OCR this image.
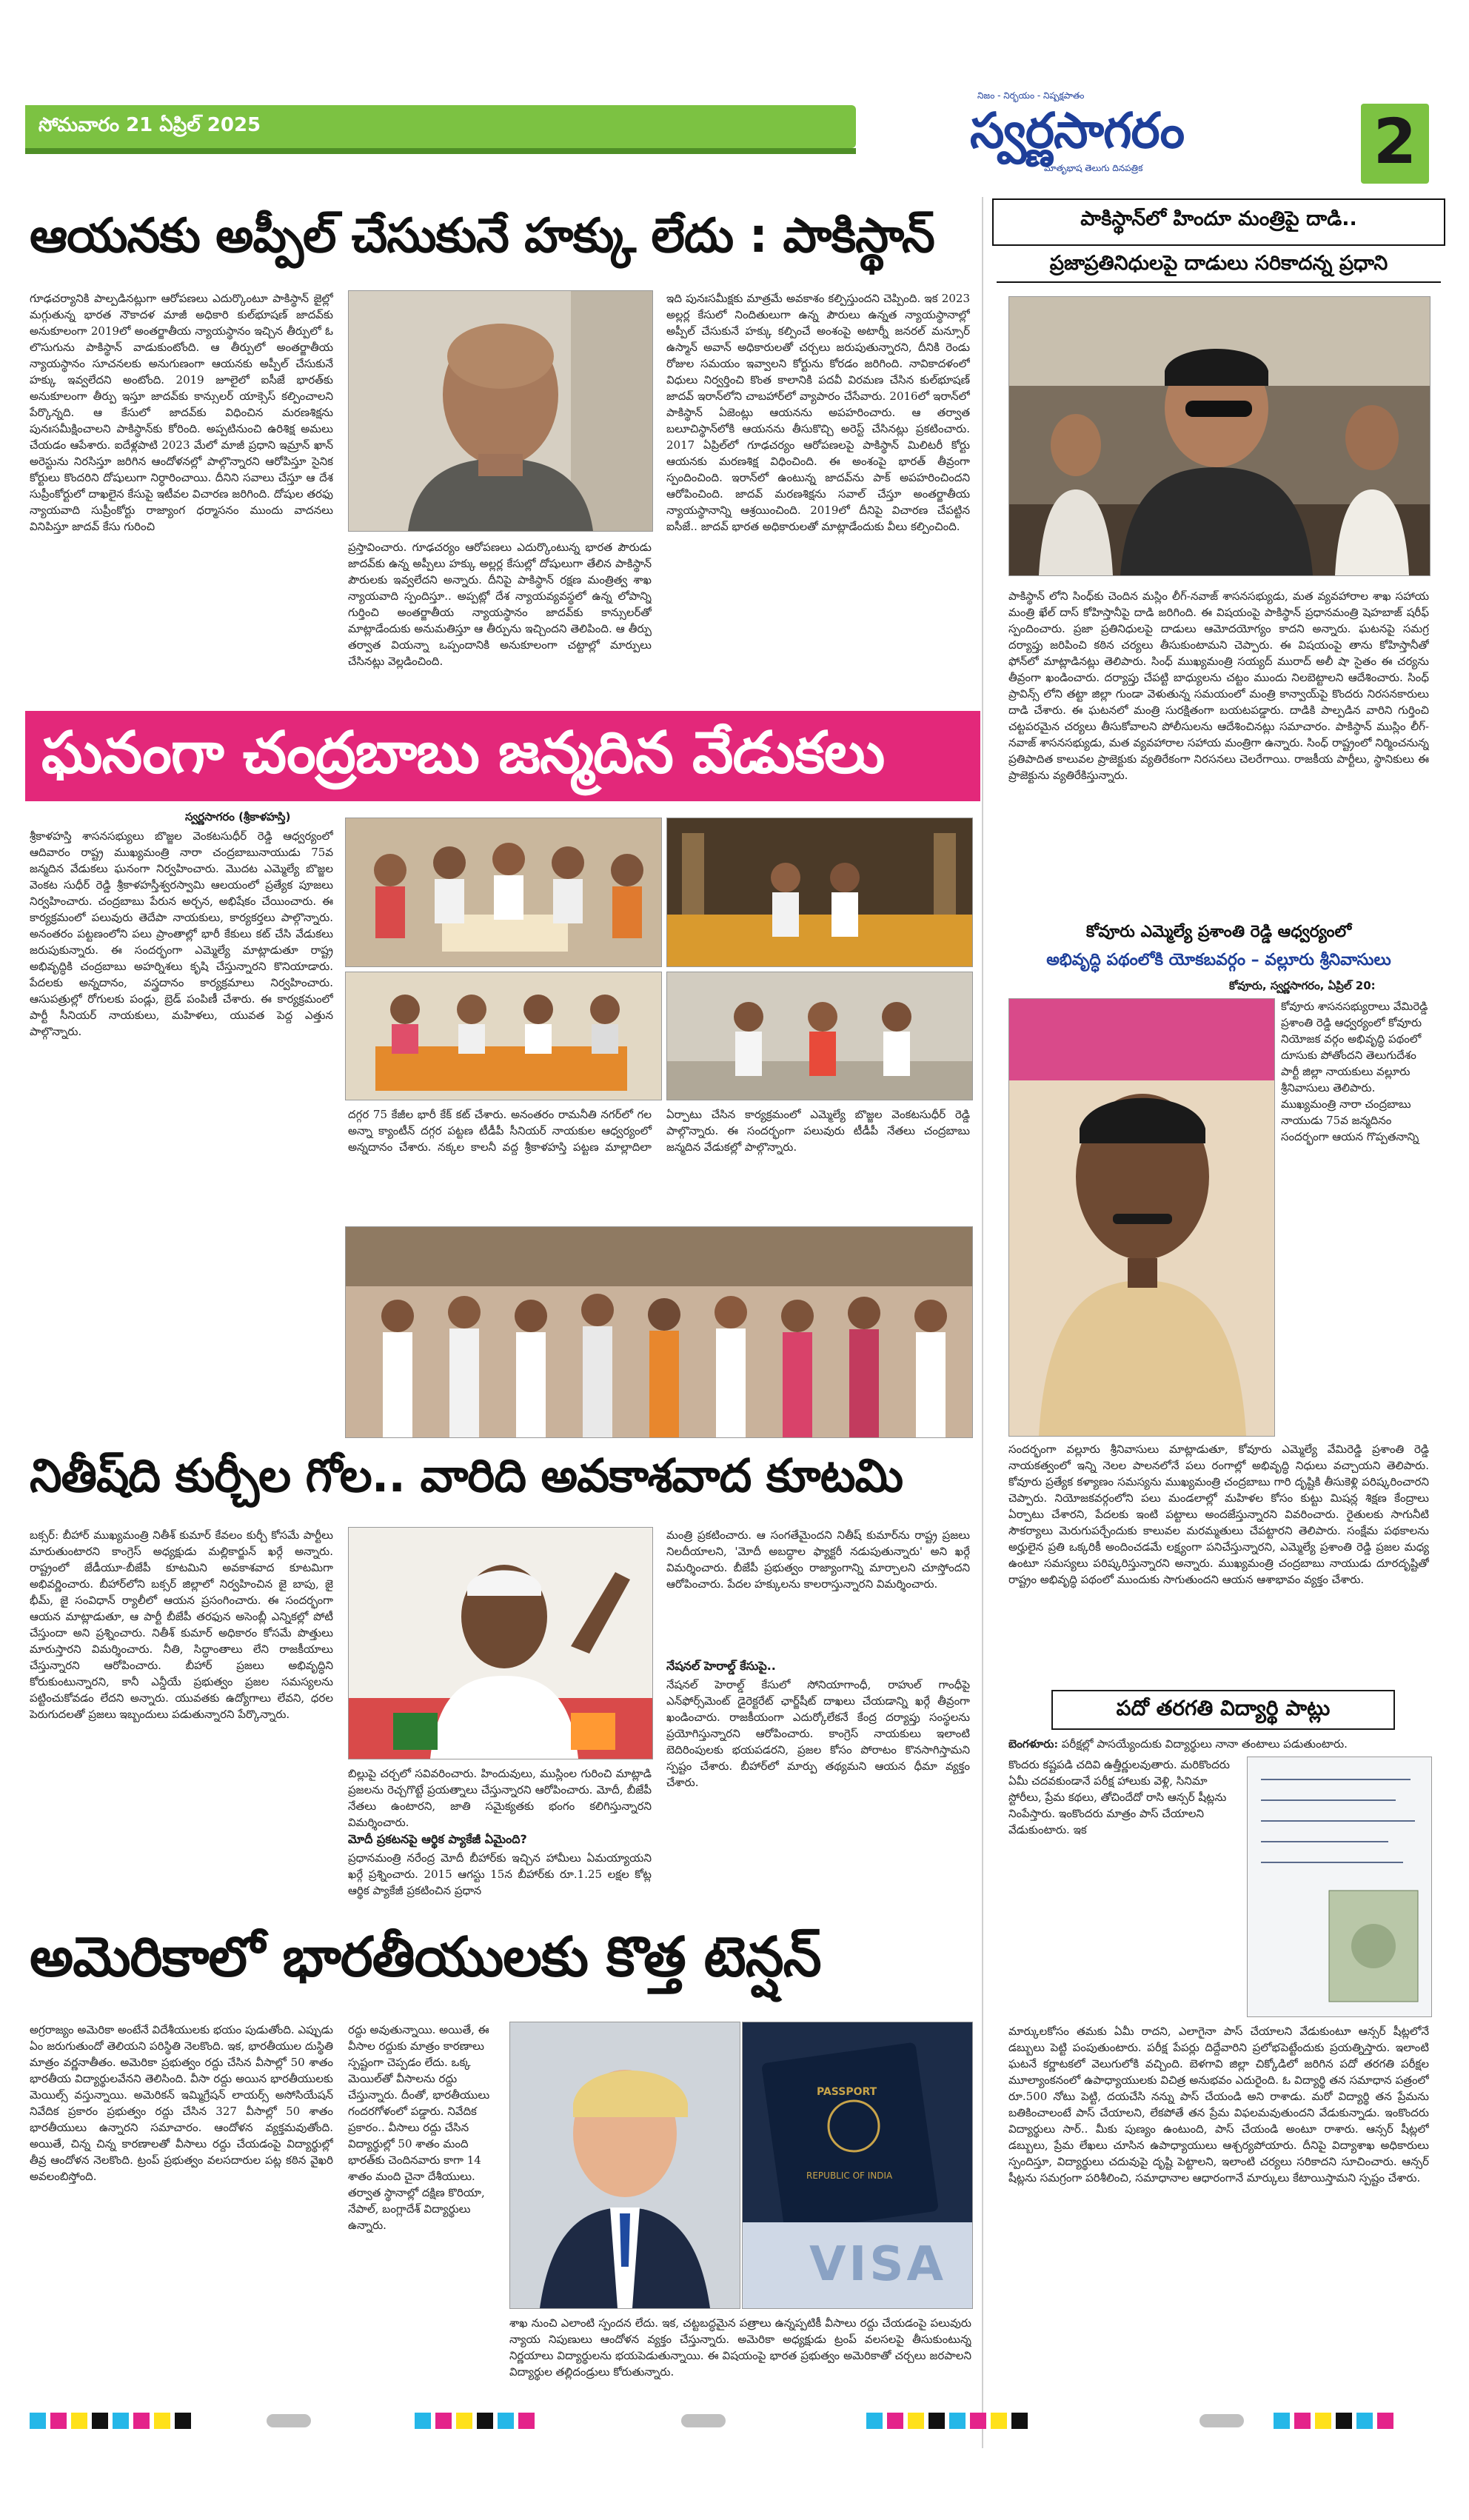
సోమవారం 21 ఏప్రిల్ 2025
నిజం - నిర్భయం - నిష్పక్షపాతం
స్వర్ణసాగరం
మాతృభాష తెలుగు దినపత్రిక	2
ఆయనకు అప్పీల్ చేసుకునే హక్కు లేదు : పాకిస్థాన్
గూఢచర్యానికి పాల్పడినట్లుగా ఆరోపణలు ఎదుర్కొంటూ పాకిస్థాన్ జైల్లో మగ్గుతున్న భారత నౌకాదళ మాజీ అధికారి కుల్‌భూషణ్ జాదవ్‌కు అనుకూలంగా 2019లో అంతర్జాతీయ న్యాయస్థానం ఇచ్చిన తీర్పులో ఓ లొసుగును పాకిస్థాన్ వాడుకుంటోంది. ఆ తీర్పులో అంతర్జాతీయ న్యాయస్థానం సూచనలకు అనుగుణంగా ఆయనకు అప్పీల్ చేసుకునే హక్కు ఇవ్వలేదని అంటోంది. 2019 జూలైలో ఐసీజే భారత్‌కు అనుకూలంగా తీర్పు ఇస్తూ జాదవ్‌కు కాన్సులర్ యాక్సెస్ కల్పించాలని పేర్కొన్నది. ఆ కేసులో జాదవ్‌కు విధించిన మరణశిక్షను పునఃసమీక్షించాలని పాకిస్థాన్‌కు కోరింది. అప్పటినుంచి ఉరిశిక్ష అమలు చేయడం ఆపేశారు. ఐదేళ్లపాటి 2023 మేలో మాజీ ప్రధాని ఇమ్రాన్ ఖాన్ అరెస్టును నిరసిస్తూ జరిగిన ఆందోళనల్లో పాల్గొన్నారని ఆరోపిస్తూ సైనిక కోర్టులు కొందరిని దోషులుగా నిర్ధారించాయి. దీనిని సవాలు చేస్తూ ఆ దేశ సుప్రీంకోర్టులో దాఖలైన కేసుపై ఇటీవల విచారణ జరిగింది. దోషుల తరఫు న్యాయవాది సుప్రీంకోర్టు రాజ్యాంగ ధర్మాసనం ముందు వాదనలు వినిపిస్తూ జాదవ్ కేసు గురించి
ప్రస్తావించారు. గూఢచర్యం ఆరోపణలు ఎదుర్కొంటున్న భారత పౌరుడు జాదవ్‌కు ఉన్న అప్పీలు హక్కు అల్లర్ల కేసుల్లో దోషులుగా తేలిన పాకిస్థాన్ పౌరులకు ఇవ్వలేదని అన్నారు. దీనిపై పాకిస్థాన్ రక్షణ మంత్రిత్వ శాఖ న్యాయవాది స్పందిస్తూ.. అప్పట్లో దేశ న్యాయవ్యవస్థలో ఉన్న లోపాన్ని గుర్తించి అంతర్జాతీయ న్యాయస్థానం జాదవ్‌కు కాన్సులర్‌తో మాట్లాడేందుకు అనుమతిస్తూ ఆ తీర్పును ఇచ్చిందని తెలిపింది. ఆ తీర్పు తర్వాత వియన్నా ఒప్పందానికి అనుకూలంగా చట్టాల్లో మార్పులు చేసినట్లు వెల్లడించింది.
ఇది పునఃసమీక్షకు మాత్రమే అవకాశం కల్పిస్తుందని చెప్పింది. ఇక 2023 అల్లర్ల కేసులో నిందితులుగా ఉన్న పౌరులు ఉన్నత న్యాయస్థానాల్లో అప్పీల్ చేసుకునే హక్కు కల్పించే అంశంపై అటార్నీ జనరల్ మన్సూర్ ఉస్మాన్ అవాన్ అధికారులతో చర్చలు జరుపుతున్నారని, దీనికి రెండు రోజుల సమయం ఇవ్వాలని కోర్టును కోరడం జరిగింది. నావికాదళంలో విధులు నిర్వర్తించి కొంత కాలానికి పదవీ విరమణ చేసిన కుల్‌భూషణ్ జాదవ్ ఇరాన్‌లోని చాబహార్‌లో వ్యాపారం చేసేవారు. 2016లో ఇరాన్‌లో పాకిస్థాన్ ఏజెంట్లు ఆయనను అపహరించారు. ఆ తర్వాత బలూచిస్థాన్‌లోకి ఆయనను తీసుకొచ్చి అరెస్ట్ చేసినట్లు ప్రకటించారు. 2017 ఏప్రిల్‌లో గూఢచర్యం ఆరోపణలపై పాకిస్థాన్ మిలిటరీ కోర్టు ఆయనకు మరణశిక్ష విధించింది. ఈ అంశంపై భారత్ తీవ్రంగా స్పందించింది. ఇరాన్‌లో ఉంటున్న జాదవ్‌ను పాక్ అపహరించిందని ఆరోపించింది. జాదవ్ మరణశిక్షను సవాల్ చేస్తూ అంతర్జాతీయ న్యాయస్థానాన్ని ఆశ్రయించింది. 2019లో దీనిపై విచారణ చేపట్టిన ఐసీజే.. జాదవ్ భారత అధికారులతో మాట్లాడేందుకు వీలు కల్పించింది.
పాకిస్థాన్‌లో హిందూ మంత్రిపై దాడి..
ప్రజాప్రతినిధులపై దాడులు సరికాదన్న ప్రధాని
పాకిస్థాన్ లోని సింధ్‌కు చెందిన మస్లిం లీగ్-నవాజ్ శాసనసభ్యుడు, మత వ్యవహారాల శాఖ సహాయ మంత్రి ఖేల్ దాస్ కోహిస్తానీపై దాడి జరిగింది. ఈ విషయంపై పాకిస్థాన్ ప్రధానమంత్రి షెహబాజ్ షరీఫ్ స్పందించారు. ప్రజా ప్రతినిధులపై దాడులు ఆమోదయోగ్యం కాదని అన్నారు. ఘటనపై సమగ్ర దర్యాప్తు జరిపించి కఠిన చర్యలు తీసుకుంటామని చెప్పారు. ఈ విషయంపై తాను కోహిస్తానీతో ఫోన్‌లో మాట్లాడినట్లు తెలిపారు. సింధ్ ముఖ్యమంత్రి సయ్యద్ మురాద్ అలీ షా సైతం ఈ చర్యను తీవ్రంగా ఖండించారు. దర్యాప్తు చేపట్టి బాధ్యులను చట్టం ముందు నిలబెట్టాలని ఆదేశించారు. సింధ్ ప్రావిన్స్ లోని తట్టా జిల్లా గుండా వెళుతున్న సమయంలో మంత్రి కాన్వాయ్‌పై కొందరు నిరసనకారులు దాడి చేశారు. ఈ ఘటనలో మంత్రి సురక్షితంగా బయటపడ్డారు. దాడికి పాల్పడిన వారిని గుర్తించి చట్టపరమైన చర్యలు తీసుకోవాలని పోలీసులను ఆదేశించినట్లు సమాచారం. పాకిస్థాన్ ముస్లిం లీగ్-నవాజ్ శాసనసభ్యుడు, మత వ్యవహారాల సహాయ మంత్రిగా ఉన్నారు. సింధ్ రాష్ట్రంలో నిర్మించనున్న ప్రతిపాదిత కాలువల ప్రాజెక్టుకు వ్యతిరేకంగా నిరసనలు చెలరేగాయి. రాజకీయ పార్టీలు, స్థానికులు ఈ ప్రాజెక్టును వ్యతిరేకిస్తున్నారు.
ఘనంగా చంద్రబాబు జన్మదిన వేడుకలు
స్వర్ణసాగరం (శ్రీకాళహస్తి)
శ్రీకాళహస్తి శాసనసభ్యులు బొజ్జల వెంకటసుధీర్ రెడ్డి ఆధ్వర్యంలో ఆదివారం రాష్ట్ర ముఖ్యమంత్రి నారా చంద్రబాబునాయుడు 75వ జన్మదిన వేడుకలు ఘనంగా నిర్వహించారు. మొదట ఎమ్మెల్యే బొజ్జల వెంకట సుధీర్ రెడ్డి శ్రీకాళహస్తీశ్వరస్వామి ఆలయంలో ప్రత్యేక పూజలు నిర్వహించారు. చంద్రబాబు పేరున అర్చన, అభిషేకం చేయించారు. ఈ కార్యక్రమంలో పలువురు తెదేపా నాయకులు, కార్యకర్తలు పాల్గొన్నారు. అనంతరం పట్టణంలోని పలు ప్రాంతాల్లో భారీ కేకులు కట్ చేసి వేడుకలు జరుపుకున్నారు. ఈ సందర్భంగా ఎమ్మెల్యే మాట్లాడుతూ రాష్ట్ర అభివృద్ధికి చంద్రబాబు అహర్నిశలు కృషి చేస్తున్నారని కొనియాడారు. పేదలకు అన్నదానం, వస్త్రదానం కార్యక్రమాలు నిర్వహించారు. ఆసుపత్రుల్లో రోగులకు పండ్లు, బ్రెడ్ పంపిణీ చేశారు. ఈ కార్యక్రమంలో పార్టీ సీనియర్ నాయకులు, మహిళలు, యువత పెద్ద ఎత్తున పాల్గొన్నారు.
దగ్గర 75 కేజీల భారీ కేక్ కట్ చేశారు. అనంతరం రామనీతి నగర్‌లో గల అన్నా క్యాంటీన్ దగ్గర పట్టణ టీడీపీ సీనియర్ నాయకుల ఆధ్వర్యంలో అన్నదానం చేశారు. నక్కల కాలనీ వద్ద శ్రీకాళహస్తి పట్టణ మాల్లాదిలా ఏర్పాటు చేసిన కార్యక్రమంలో ఎమ్మెల్యే బొజ్జల వెంకటసుధీర్ రెడ్డి పాల్గొన్నారు. ఈ సందర్భంగా పలువురు టీడీపీ నేతలు చంద్రబాబు జన్మదిన వేడుకల్లో పాల్గొన్నారు.
కోవూరు ఎమ్మెల్యే ప్రశాంతి రెడ్డి ఆధ్వర్యంలో
అభివృద్ధి పథంలోకి యోకబవర్గం – వల్లూరు శ్రీనివాసులు
కోవూరు, స్వర్ణసాగరం, ఏప్రిల్ 20:
కోవూరు శాసనసభ్యురాలు వేమిరెడ్డి ప్రశాంతి రెడ్డి ఆధ్వర్యంలో కోవూరు నియోజక వర్గం అభివృద్ధి పథంలో దూసుకు పోతోందని తెలుగుదేశం పార్టీ జిల్లా నాయకులు వల్లూరు శ్రీనివాసులు తెలిపారు. ముఖ్యమంత్రి నారా చంద్రబాబు నాయుడు 75వ జన్మదినం సందర్భంగా ఆయన గొప్పతనాన్ని
సందర్భంగా వల్లూరు శ్రీనివాసులు మాట్లాడుతూ, కోవూరు ఎమ్మెల్యే వేమిరెడ్డి ప్రశాంతి రెడ్డి నాయకత్వంలో ఇన్ని నెలల పాలనలోనే పలు రంగాల్లో అభివృద్ధి నిధులు వచ్చాయని తెలిపారు. కోవూరు ప్రత్యేక కళ్యాణం సమస్యను ముఖ్యమంత్రి చంద్రబాబు గారి దృష్టికి తీసుకెళ్లి పరిష్కరించారని చెప్పారు. నియోజకవర్గంలోని పలు మండలాల్లో మహిళల కోసం కుట్టు మిషన్ల శిక్షణ కేంద్రాలు ఏర్పాటు చేశారని, పేదలకు ఇంటి పట్టాలు అందజేస్తున్నారని వివరించారు. రైతులకు సాగునీటి సౌకర్యాలు మెరుగుపర్చేందుకు కాలువల మరమ్మతులు చేపట్టారని తెలిపారు. సంక్షేమ పథకాలను అర్హులైన ప్రతి ఒక్కరికీ అందించడమే లక్ష్యంగా పనిచేస్తున్నారని, ఎమ్మెల్యే ప్రశాంతి రెడ్డి ప్రజల మధ్య ఉంటూ సమస్యలు పరిష్కరిస్తున్నారని అన్నారు. ముఖ్యమంత్రి చంద్రబాబు నాయుడు దూరదృష్టితో రాష్ట్రం అభివృద్ధి పథంలో ముందుకు సాగుతుందని ఆయన ఆశాభావం వ్యక్తం చేశారు.
పదో తరగతి విద్యార్థి పాట్లు
బెంగళూరు: పరీక్షల్లో పాసయ్యేందుకు విద్యార్థులు నానా తంటాలు పడుతుంటారు.
కొందరు కష్టపడి చదివి ఉత్తీర్ణులవుతారు. మరికొందరు ఏమీ చదవకుండానే పరీక్ష హాలుకు వెళ్లి, సినిమా స్టోరీలు, ప్రేమ కథలు, తోచిందేదో రాసి ఆన్సర్ షీట్లను నింపేస్తారు. ఇంకొందరు మాత్రం పాస్ చేయాలని వేడుకుంటారు. ఇక
మార్కులకోసం తమకు ఏమీ రాదని, ఎలాగైనా పాస్ చేయాలని వేడుకుంటూ ఆన్సర్ షీట్లలోనే డబ్బులు పెట్టి పంపుతుంటారు. పరీక్ష పేపర్లు దిద్దేవారిని ప్రలోభపెట్టేందుకు ప్రయత్నిస్తారు. ఇలాంటి ఘటనే కర్ణాటకలో వెలుగులోకి వచ్చింది. బెళగావి జిల్లా చిక్కోడిలో జరిగిన పదో తరగతి పరీక్షల మూల్యాంకనంలో ఉపాధ్యాయులకు విచిత్ర అనుభవం ఎదురైంది. ఓ విద్యార్థి తన సమాధాన పత్రంలో రూ.500 నోటు పెట్టి, దయచేసి నన్ను పాస్ చేయండి అని రాశాడు. మరో విద్యార్థి తన ప్రేమను బతికించాలంటే పాస్ చేయాలని, లేకపోతే తన ప్రేమ విఫలమవుతుందని వేడుకున్నాడు. ఇంకొందరు విద్యార్థులు సార్.. మీకు పుణ్యం ఉంటుంది, పాస్ చేయండి అంటూ రాశారు. ఆన్సర్ షీట్లలో డబ్బులు, ప్రేమ లేఖలు చూసిన ఉపాధ్యాయులు ఆశ్చర్యపోయారు. దీనిపై విద్యాశాఖ అధికారులు స్పందిస్తూ, విద్యార్థులు చదువుపై దృష్టి పెట్టాలని, ఇలాంటి చర్యలు సరికాదని సూచించారు. ఆన్సర్ షీట్లను సమగ్రంగా పరిశీలించి, సమాధానాల ఆధారంగానే మార్కులు కేటాయిస్తామని స్పష్టం చేశారు.
నితీష్‌ది కుర్చీల గోల.. వారిది అవకాశవాద కూటమి
బక్సర్: బీహార్ ముఖ్యమంత్రి నితీశ్ కుమార్ కేవలం కుర్చీ కోసమే పార్టీలు మారుతుంటారని కాంగ్రెస్ అధ్యక్షుడు మల్లికార్జున్ ఖర్గే అన్నారు. రాష్ట్రంలో జేడీయూ-బీజేపీ కూటమిని అవకాశవాద కూటమిగా అభివర్ణించారు. బీహార్‌లోని బక్సర్ జిల్లాలో నిర్వహించిన జై బాపు, జై భీమ్, జై సంవిధాన్ ర్యాలీలో ఆయన ప్రసంగించారు. ఈ సందర్భంగా ఆయన మాట్లాడుతూ, ఆ పార్టీ బీజేపీ తరఫున అసెంబ్లీ ఎన్నికల్లో పోటీ చేస్తుందా అని ప్రశ్నించారు. నితీశ్ కుమార్ అధికారం కోసమే పొత్తులు మారుస్తారని విమర్శించారు. నీతి, సిద్ధాంతాలు లేని రాజకీయాలు చేస్తున్నారని ఆరోపించారు. బీహార్ ప్రజలు అభివృద్ధిని కోరుకుంటున్నారని, కానీ ఎన్డీయే ప్రభుత్వం ప్రజల సమస్యలను పట్టించుకోవడం లేదని అన్నారు. యువతకు ఉద్యోగాలు లేవని, ధరల పెరుగుదలతో ప్రజలు ఇబ్బందులు పడుతున్నారని పేర్కొన్నారు.
బిల్లుపై చర్చలో సవివరించారు. హిందువులు, ముస్లింల గురించి మాట్లాడి ప్రజలను రెచ్చగొట్టే ప్రయత్నాలు చేస్తున్నారని ఆరోపించారు. మోదీ, బీజేపీ నేతలు ఉంటారని, జాతి సమైక్యతకు భంగం కలిగిస్తున్నారని విమర్శించారు.
మోదీ ప్రకటనపై ఆర్థిక ప్యాకేజీ ఏమైంది?
ప్రధానమంత్రి నరేంద్ర మోదీ బీహార్‌కు ఇచ్చిన హామీలు ఏమయ్యాయని ఖర్గే ప్రశ్నించారు. 2015 ఆగస్టు 15న బీహార్‌కు రూ.1.25 లక్షల కోట్ల ఆర్థిక ప్యాకేజీ ప్రకటించిన ప్రధాన
మంత్రి ప్రకటించారు. ఆ సంగతేమైందని నితీష్ కుమార్‌ను రాష్ట్ర ప్రజలు నిలదీయాలని, 'మోదీ అబద్ధాల ఫ్యాక్టరీ నడుపుతున్నారు' అని ఖర్గే విమర్శించారు. బీజేపీ ప్రభుత్వం రాజ్యాంగాన్ని మార్చాలని చూస్తోందని ఆరోపించారు. పేదల హక్కులను కాలరాస్తున్నారని విమర్శించారు.
నేషనల్ హెరాల్డ్ కేసుపై..
నేషనల్ హెరాల్డ్ కేసులో సోనియాగాంధీ, రాహుల్ గాంధీపై ఎన్‌ఫోర్స్‌మెంట్ డైరెక్టరేట్ ఛార్జ్‌షీట్ దాఖలు చేయడాన్ని ఖర్గే తీవ్రంగా ఖండించారు. రాజకీయంగా ఎదుర్కోలేకనే కేంద్ర దర్యాప్తు సంస్థలను ప్రయోగిస్తున్నారని ఆరోపించారు. కాంగ్రెస్ నాయకులు ఇలాంటి బెదిరింపులకు భయపడరని, ప్రజల కోసం పోరాటం కొనసాగిస్తామని స్పష్టం చేశారు. బీహార్‌లో మార్పు తథ్యమని ఆయన ధీమా వ్యక్తం చేశారు.
అమెరికాలో భారతీయులకు కొత్త టెన్షన్
అగ్రరాజ్యం అమెరికా అంటేనే విదేశీయులకు భయం పుడుతోంది. ఎప్పుడు ఏం జరుగుతుందో తెలియని పరిస్థితి నెలకొంది. ఇక, భారతీయుల దుస్థితి మాత్రం వర్ణనాతీతం. అమెరికా ప్రభుత్వం రద్దు చేసిన వీసాల్లో 50 శాతం భారతీయ విద్యార్థులవేనని తెలిసింది. వీసా రద్దు అయిన భారతీయులకు మెయిల్స్ వస్తున్నాయి. అమెరికన్ ఇమ్మిగ్రేషన్ లాయర్స్ అసోసియేషన్ నివేదిక ప్రకారం ప్రభుత్వం రద్దు చేసిన 327 వీసాల్లో 50 శాతం భారతీయులు ఉన్నారని సమాచారం. ఆందోళన వ్యక్తమవుతోంది. అయితే, చిన్న చిన్న కారణాలతో వీసాలు రద్దు చేయడంపై విద్యార్థుల్లో తీవ్ర ఆందోళన నెలకొంది. ట్రంప్ ప్రభుత్వం వలసదారుల పట్ల కఠిన వైఖరి అవలంబిస్తోంది.
రద్దు అవుతున్నాయి. అయితే, ఈ వీసాల రద్దుకు మాత్రం కారణాలు స్పష్టంగా చెప్పడం లేదు. ఒక్క మెయిల్‌తో వీసాలను రద్దు చేస్తున్నారు. దీంతో, భారతీయులు గందరగోళంలో పడ్డారు. నివేదిక ప్రకారం.. వీసాలు రద్దు చేసిన విద్యార్థుల్లో 50 శాతం మంది భారత్‌కు చెందినవారు కాగా 14 శాతం మంది చైనా దేశీయులు. తర్వాత స్థానాల్లో దక్షిణ కొరియా, నేపాల్, బంగ్లాదేశ్ విద్యార్థులు ఉన్నారు.
PASSPORT
REPUBLIC OF INDIA
VISA
శాఖ నుంచి ఎలాంటి స్పందన లేదు. ఇక, చట్టబద్ధమైన పత్రాలు ఉన్నప్పటికీ వీసాలు రద్దు చేయడంపై పలువురు న్యాయ నిపుణులు ఆందోళన వ్యక్తం చేస్తున్నారు. అమెరికా అధ్యక్షుడు ట్రంప్ వలసలపై తీసుకుంటున్న నిర్ణయాలు విద్యార్థులను భయపెడుతున్నాయి. ఈ విషయంపై భారత ప్రభుత్వం అమెరికాతో చర్చలు జరపాలని విద్యార్థుల తల్లిదండ్రులు కోరుతున్నారు.
